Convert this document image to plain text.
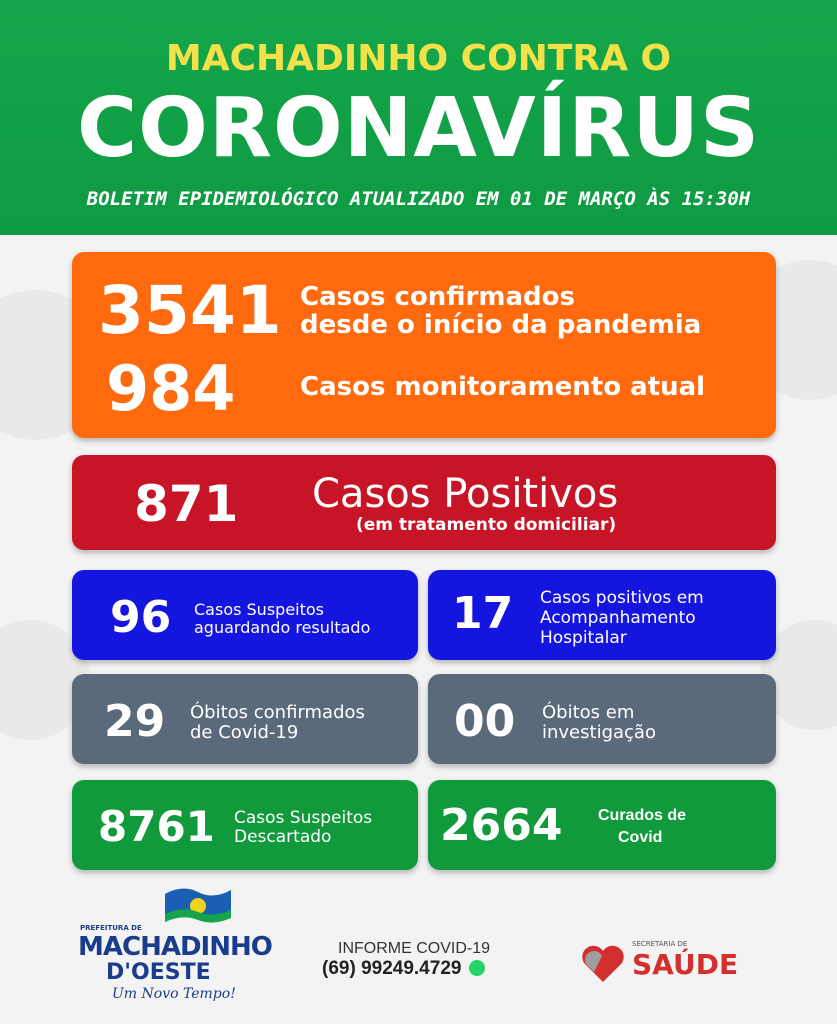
MACHADINHO CONTRA O
CORONAVÍRUS
BOLETIM EPIDEMIOLÓGICO ATUALIZADO EM 01 DE MARÇO ÀS 15:30H
3541 Casos confirmados
desde o início da pandemia
984 Casos monitoramento atual
871 Casos Positivos
(em tratamento domiciliar)
96 Casos Suspeitos
aguardando resultado 17 Casos positivos em
Acompanhamento
Hospitalar
29 Óbitos confirmados
de Covid-19	00 Óbitos em
investigação
8761 Casos Suspeitos
Descartado 2664 Curados de
Covid
PREFEITURA DE
MACHADINHO
D'OESTE
Um Novo Tempo!
INFORME COVID-19
(69) 99249.4729
SECRETARIA DE
SAÚDE
